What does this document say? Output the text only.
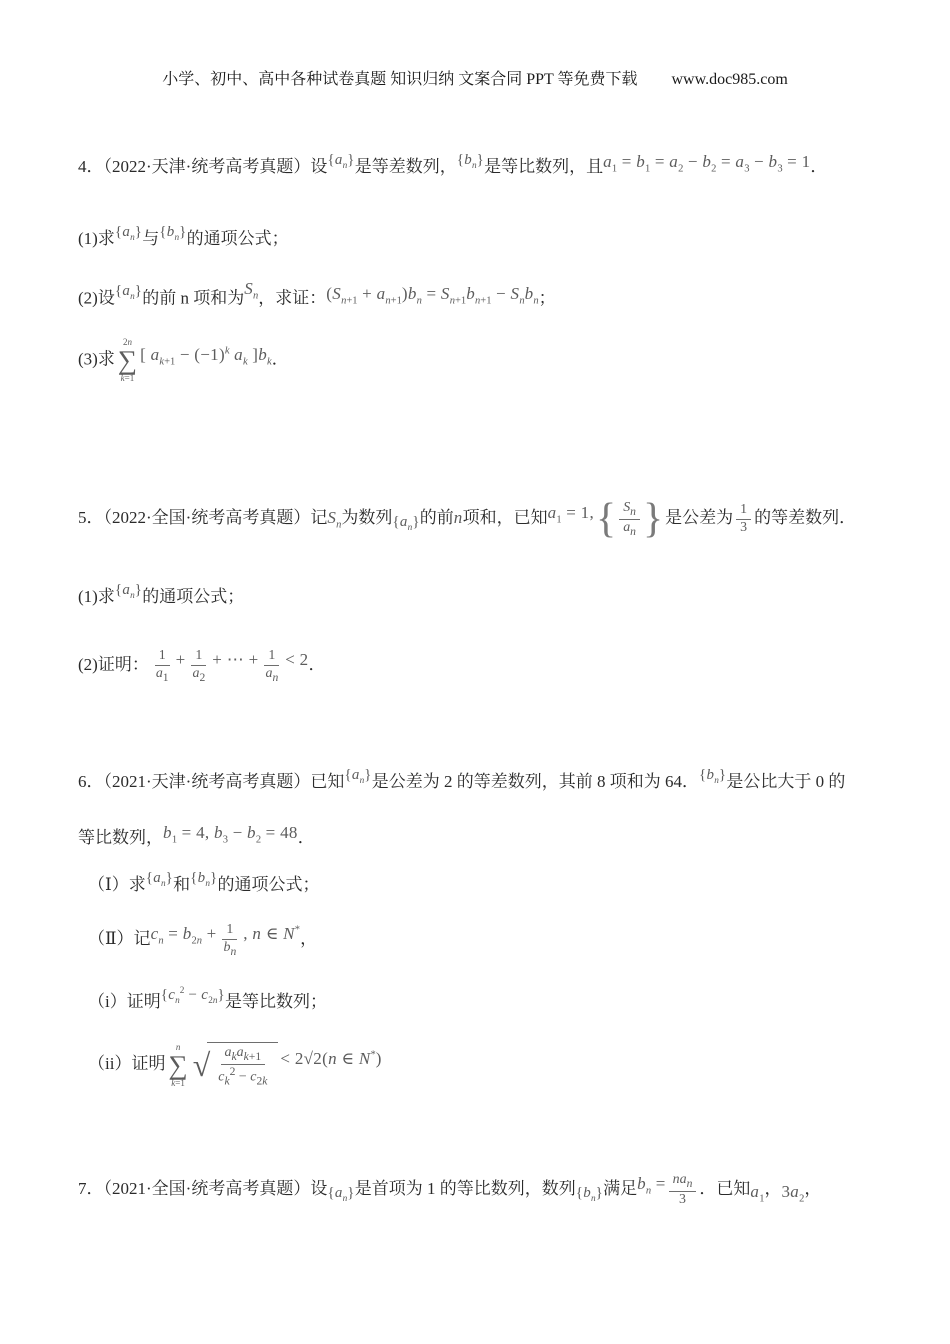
小学、初中、高中各种试卷真题 知识归纳 文案合同 PPT 等免费下载 www.doc985.com

4．（2022·天津·统考高考真题）设$\{a_n\}$是等差数列，$\{b_n\}$是等比数列，且$a_1 = b_1 = a_2 - b_2 = a_3 - b_3 = 1$．

(1)求$\{a_n\}$与$\{b_n\}$的通项公式；

(2)设$\{a_n\}$的前 n 项和为$S_n$，求证：$(S_{n+1} + a_{n+1})b_n = S_{n+1}b_{n+1} - S_nb_n$；

(3)求
2n
∑
k=1
[ $a_{k+1} - (-1)^k$ $a_k$ ]$b_k$．

5．（2022·全国·统考高考真题）记$S_n$为数列$\{a_n\}$的前n项和，已知$a_1 = 1$, { $\frac{S_n}{a_n}$ } 是公差为 $\frac{1}{3}$ 的等差数列．

(1)求$\{a_n\}$的通项公式；

(2)证明： $\frac{1}{a_1} + \frac{1}{a_2}$ + ⋯ + $\frac{1}{a_n} < 2$．

6．（2021·天津·统考高考真题）已知$\{a_n\}$是公差为 2 的等差数列，其前 8 项和为 64．$\{b_n\}$是公比大于 0 的

等比数列，$b_1 = 4$, $b_3 - b_2 = 48$．

（Ⅰ）求$\{a_n\}$和$\{b_n\}$的通项公式；

（Ⅱ）记$c_n = b_{2n} + \frac{1}{b_n}$ , n ∈ N*，

（i）证明$\{c_n^2 - c_{2n}\}$是等比数列；

（ii）证明
n
∑
k=1 √ $\frac{a_ka_{k+1}}{c_k^2 - c_{2k}} < 2√2(n$ ∈ N*)

7．（2021·全国·统考高考真题）设$\{a_n\}$是首项为 1 的等比数列，数列$\{b_n\}$满足$b_n = \frac{na_n}{3}$ ．已知$a_1$，$3a_2$，
